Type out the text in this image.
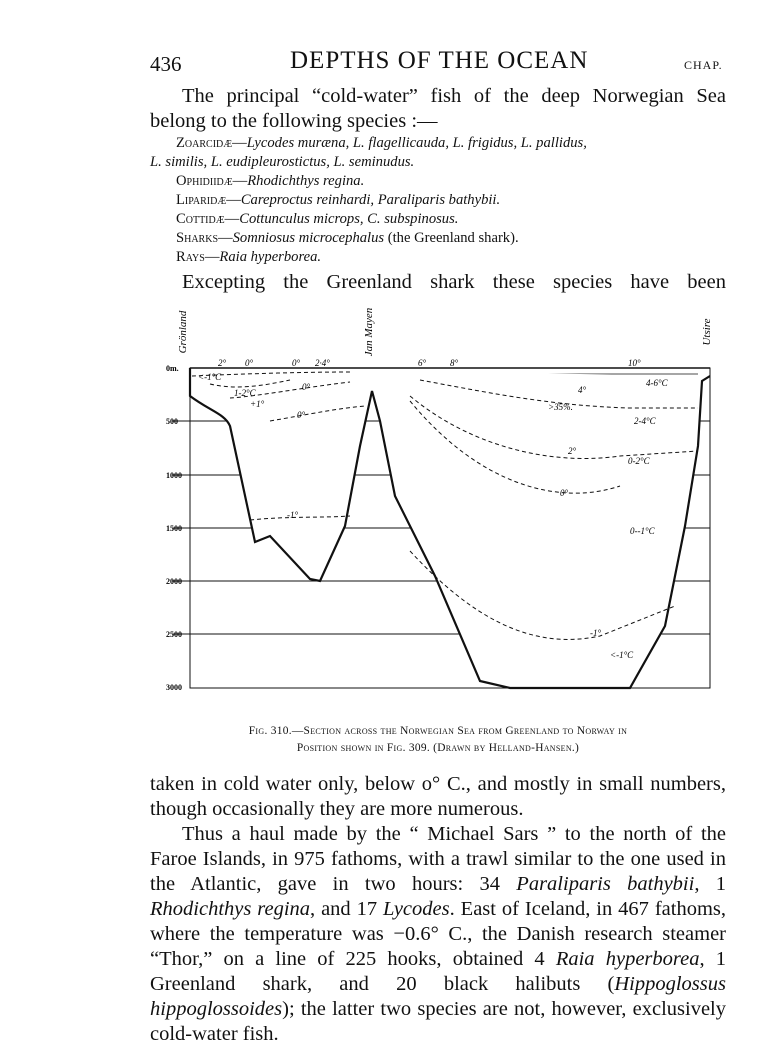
436	DEPTHS OF THE OCEAN	CHAP.
The principal “cold-water” fish of the deep Norwegian Sea belong to the following species :—
Zoarcidæ—Lycodes muræna, L. flagellicauda, L. frigidus, L. pallidus,
L. similis, L. eudipleurostictus, L. seminudus.
Ophidiidæ—Rhodichthys regina.
Liparidæ—Careproctus reinhardi, Paraliparis bathybii.
Cottidæ—Cottunculus microps, C. subspinosus.
Sharks—Somniosus microcephalus (the Greenland shark).
Rays—Raia hyperborea.
Excepting the Greenland shark these species have been
Grönland	Jan Mayen	Utsire
0m.
500
1000
1500
2000
2500
3000
2° 0°	0° 2·4°	6°	8°	10°
<-1°C
1-2°C
+1°
0°
0°
-1°
4-6°C
4°
>35%.
2-4°C
2°
0-2°C
0°
0--1°C
-1°
<-1°C
Fig. 310.—Section across the Norwegian Sea from Greenland to Norway in
Position shown in Fig. 309. (Drawn by Helland-Hansen.)
taken in cold water only, below o° C., and mostly in small numbers, though occasionally they are more numerous.
Thus a haul made by the “ Michael Sars ” to the north of the Faroe Islands, in 975 fathoms, with a trawl similar to the one used in the Atlantic, gave in two hours: 34 Paraliparis bathybii, 1 Rhodichthys regina, and 17 Lycodes. East of Iceland, in 467 fathoms, where the temperature was −0.6° C., the Danish research steamer “Thor,” on a line of 225 hooks, obtained 4 Raia hyperborea, 1 Greenland shark, and 20 black halibuts (Hippoglossus hippoglossoides); the latter two species are not, however, exclusively cold-water fish.
